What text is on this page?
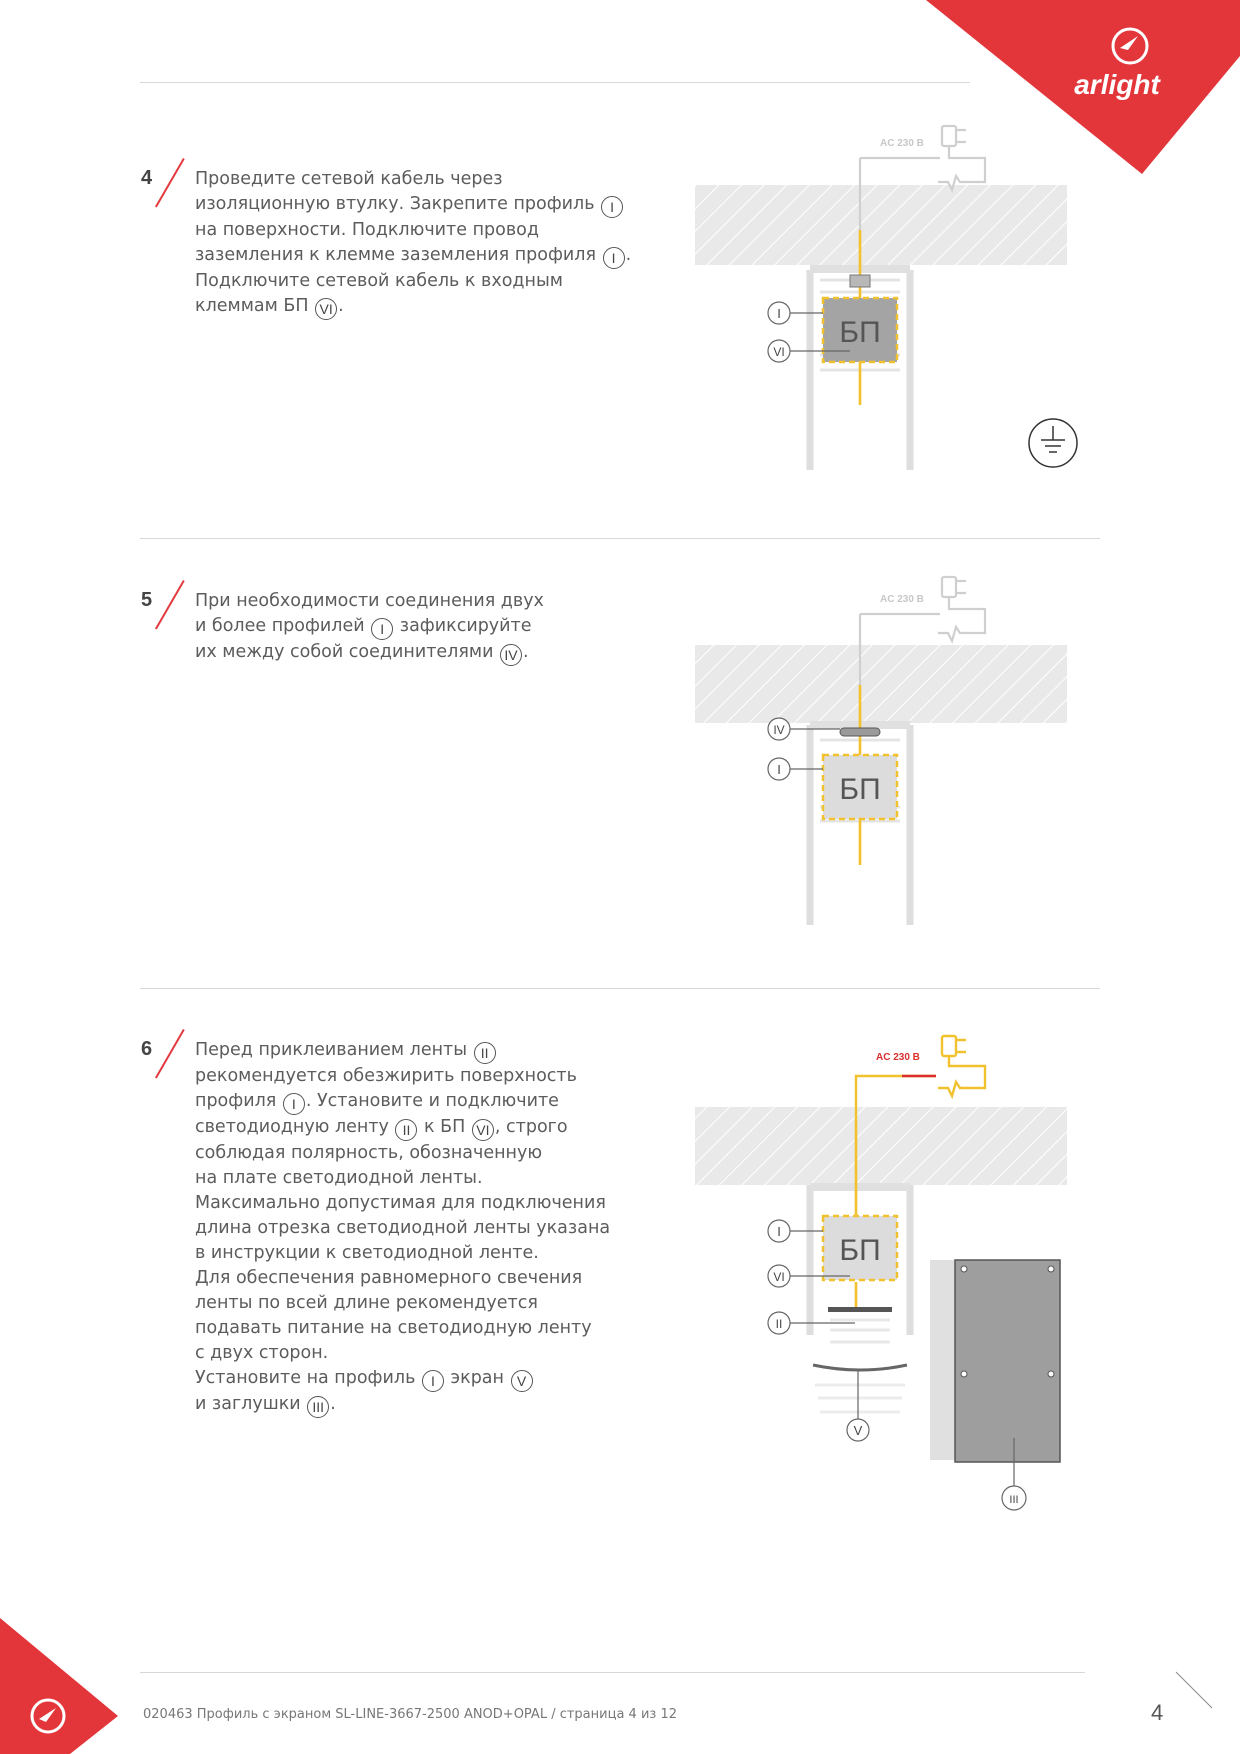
arlight
4 Проведите сетевой кабель через
изоляционную втулку. Закрепите профиль I
на поверхности. Подключите провод
заземления к клемме заземления профиля I .
Подключите сетевой кабель к входным
клеммам БП VI .
5 При необходимости соединения двух
и более профилей I зафиксируйте
их между собой соединителями IV .
6 Перед приклеиванием ленты II
рекомендуется обезжирить поверхность
профиля I . Установите и подключите
светодиодную ленту II к БП VI , строго
соблюдая полярность, обозначенную
на плате светодиодной ленты.
Максимально допустимая для подключения
длина отрезка светодиодной ленты указана
в инструкции к светодиодной ленте.
Для обеспечения равномерного свечения
ленты по всей длине рекомендуется
подавать питание на светодиодную ленту
с двух сторон.
Установите на профиль I экран V
и заглушки III .
AC 230 В
БП
I
VI
AC 230 В
БП
IV
I
AC 230 В
БП
I
VI
II
V
III
020463 Профиль с экраном SL-LINE-3667-2500 ANOD+OPAL / страница 4 из 12	4
